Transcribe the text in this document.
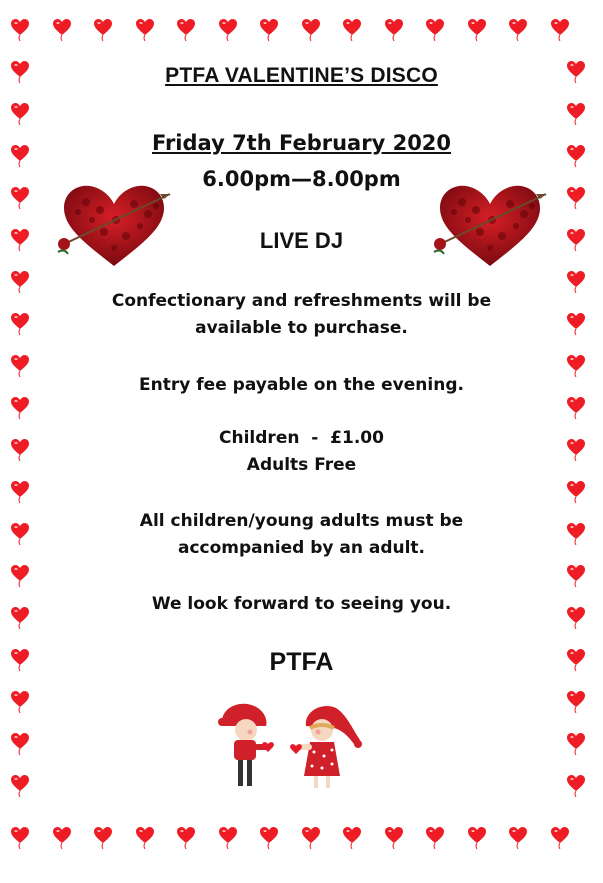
PTFA VALENTINE’S DISCO
Friday 7th February 2020
6.00pm—8.00pm
LIVE DJ
Confectionary and refreshments will be
available to purchase.
Entry fee payable on the evening.
Children  -  £1.00
Adults Free
All children/young adults must be
accompanied by an adult.
We look forward to seeing you.
PTFA
